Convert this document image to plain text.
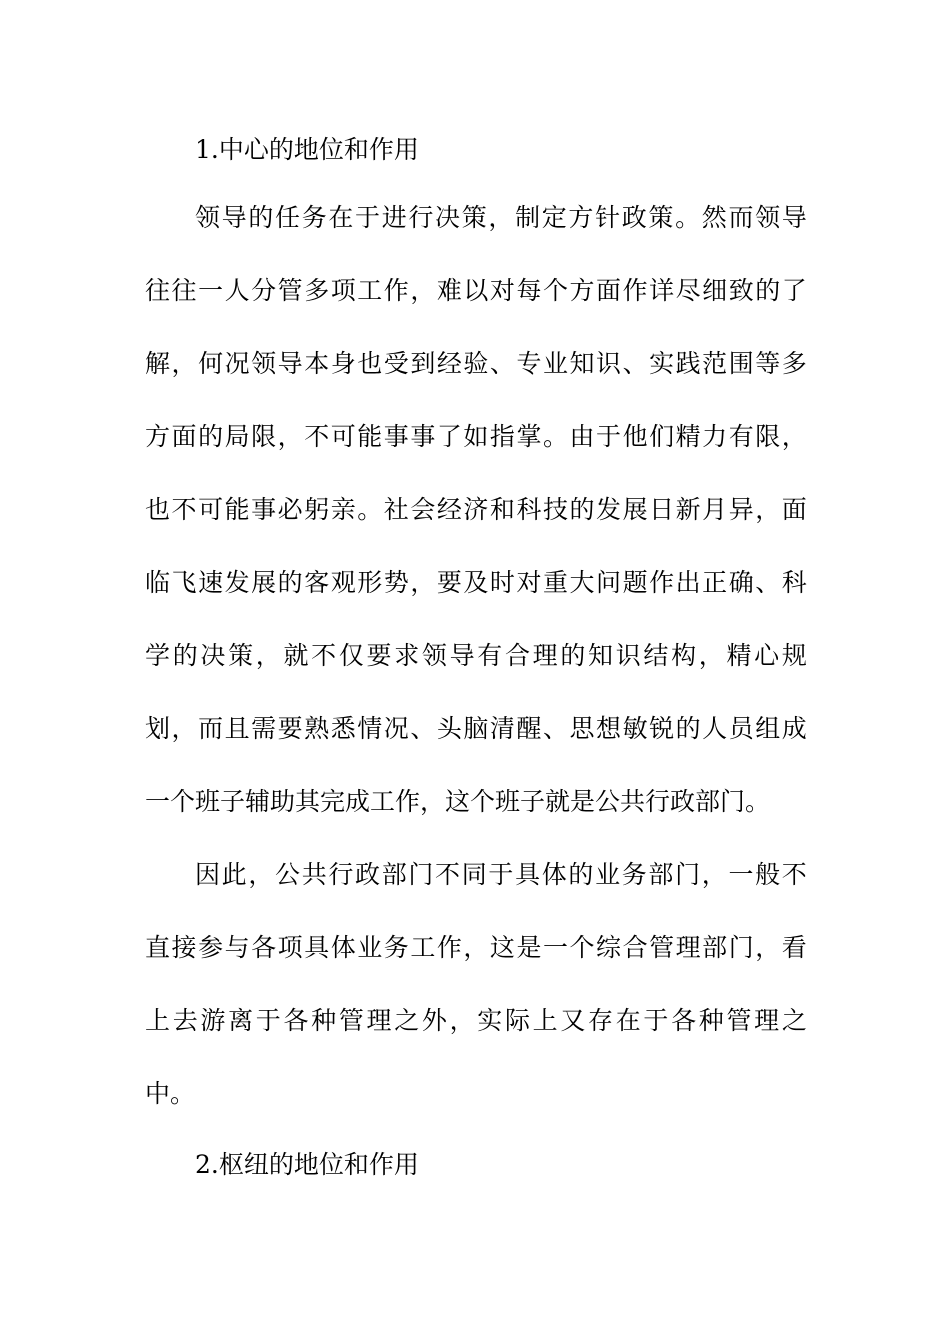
1.中心的地位和作用
领 导 的 任 务 在 于 进 行 决 策 ， 制 定 方 针 政 策 。 然 而 领 导
往 往 一 人 分 管 多 项 工 作 ， 难 以 对 每 个 方 面 作 详 尽 细 致 的 了
解 ， 何 况 领 导 本 身 也 受 到 经 验 、 专 业 知 识 、 实 践 范 围 等 多
方 面 的 局 限 ， 不 可 能 事 事 了 如 指 掌 。 由 于 他 们 精 力 有 限 ，
也 不 可 能 事 必 躬 亲 。 社 会 经 济 和 科 技 的 发 展 日 新 月 异 ， 面
临 飞 速 发 展 的 客 观 形 势 ， 要 及 时 对 重 大 问 题 作 出 正 确 、 科
学 的 决 策 ， 就 不 仅 要 求 领 导 有 合 理 的 知 识 结 构 ， 精 心 规
划 ， 而 且 需 要 熟 悉 情 况 、 头 脑 清 醒 、 思 想 敏 锐 的 人 员 组 成
一个班子辅助其完成工作，这个班子就是公共行政部门。
因 此 ， 公 共 行 政 部 门 不 同 于 具 体 的 业 务 部 门 ， 一 般 不
直 接 参 与 各 项 具 体 业 务 工 作 ， 这 是 一 个 综 合 管 理 部 门 ， 看
上 去 游 离 于 各 种 管 理 之 外 ， 实 际 上 又 存 在 于 各 种 管 理 之
中。
2.枢纽的地位和作用
